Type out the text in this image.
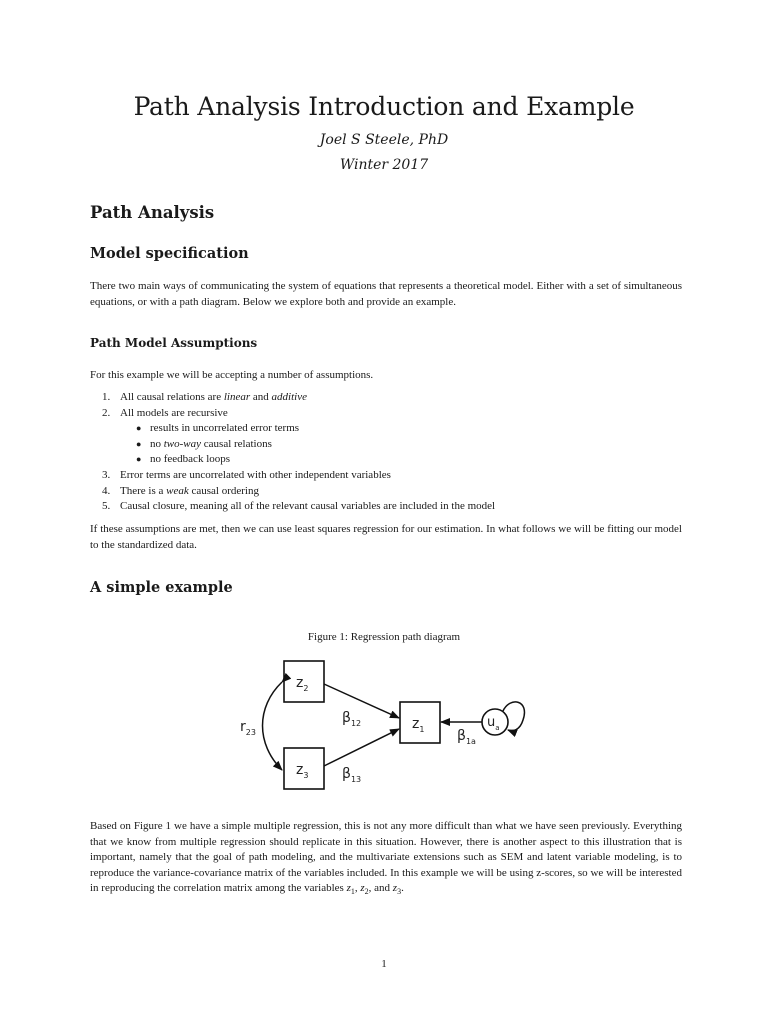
Path Analysis Introduction and Example
Joel S Steele, PhD
Winter 2017
Path Analysis
Model specification

There two main ways of communicating the system of equations that represents a theoretical model. Either with a set of simultaneous equations, or with a path diagram. Below we explore both and provide an example.

Path Model Assumptions

For this example we will be accepting a number of assumptions.

1. All causal relations are linear and additive
2. All models are recursive
● results in uncorrelated error terms
● no two-way causal relations
● no feedback loops
3. Error terms are uncorrelated with other independent variables
4. There is a weak causal ordering
5. Causal closure, meaning all of the relevant causal variables are included in the model

If these assumptions are met, then we can use least squares regression for our estimation. In what follows we will be fitting our model to the standardized data.

A simple example
Figure 1: Regression path diagram
$z_2$
$z_3$
$z_1$	$u_a$
$r_{23}$
$\beta_{12}$
$\beta_{13}$
$\beta_{1a}$

Based on Figure 1 we have a simple multiple regression, this is not any more difficult than what we have seen previously. Everything that we know from multiple regression should replicate in this situation. However, there is another aspect to this illustration that is important, namely that the goal of path modeling, and the multivariate extensions such as SEM and latent variable modeling, is to reproduce the variance-covariance matrix of the variables included. In this example we will be using z-scores, so we will be interested in reproducing the correlation matrix among the variables $z_1$, $z_2$, and $z_3$.

1
